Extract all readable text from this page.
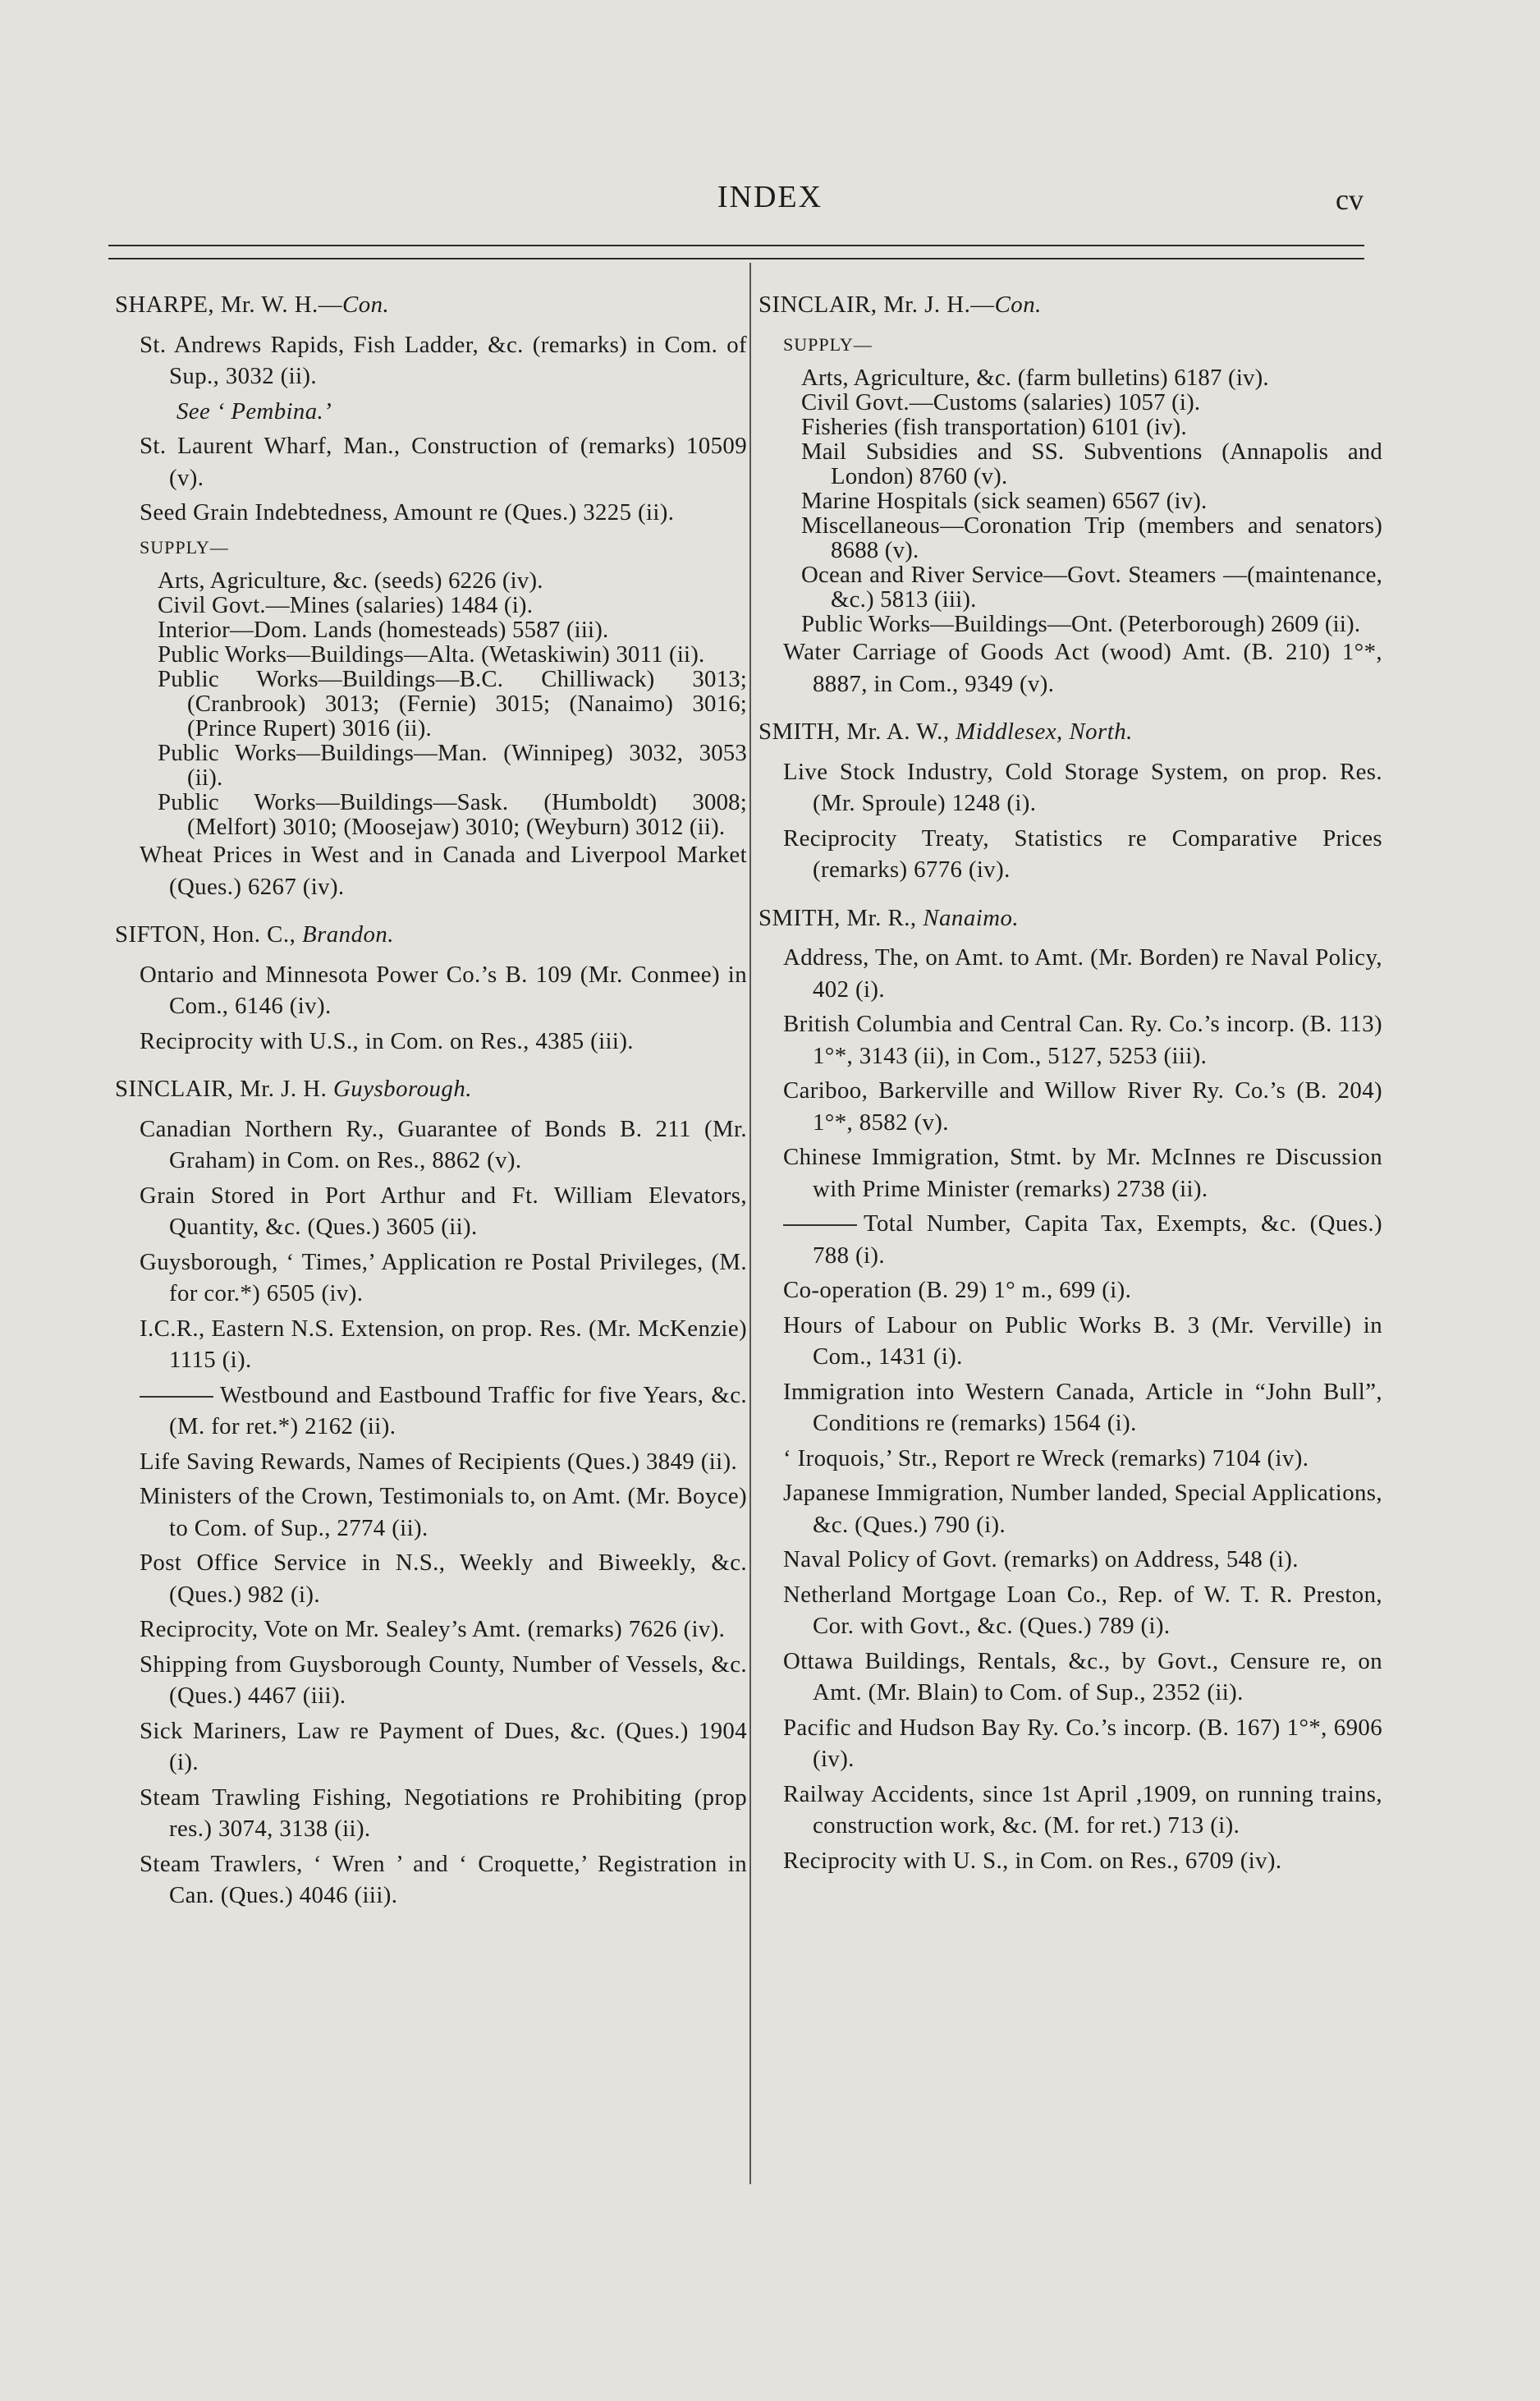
INDEX	cv
SHARPE, Mr. W. H.—Con.
St. Andrews Rapids, Fish Ladder, &c. (remarks) in Com. of Sup., 3032 (ii).
See ‘ Pembina.’
St. Laurent Wharf, Man., Construction of (remarks) 10509 (v).
Seed Grain Indebtedness, Amount re (Ques.) 3225 (ii).
SUPPLY—
Arts, Agriculture, &c. (seeds) 6226 (iv).
Civil Govt.—Mines (salaries) 1484 (i).
Interior—Dom. Lands (homesteads) 5587 (iii).
Public Works—Buildings—Alta. (Wetaskiwin) 3011 (ii).
Public Works—Buildings—B.C. Chilliwack) 3013; (Cranbrook) 3013; (Fernie) 3015; (Nanaimo) 3016; (Prince Rupert) 3016 (ii).
Public Works—Buildings—Man. (Winnipeg) 3032, 3053 (ii).
Public Works—Buildings—Sask. (Humboldt) 3008; (Melfort) 3010; (Moosejaw) 3010; (Weyburn) 3012 (ii).
Wheat Prices in West and in Canada and Liverpool Market (Ques.) 6267 (iv).
SIFTON, Hon. C., Brandon.
Ontario and Minnesota Power Co.’s B. 109 (Mr. Conmee) in Com., 6146 (iv).
Reciprocity with U.S., in Com. on Res., 4385 (iii).
SINCLAIR, Mr. J. H. Guysborough.
Canadian Northern Ry., Guarantee of Bonds B. 211 (Mr. Graham) in Com. on Res., 8862 (v).
Grain Stored in Port Arthur and Ft. William Elevators, Quantity, &c. (Ques.) 3605 (ii).
Guysborough, ‘ Times,’ Application re Postal Privileges, (M. for cor.*) 6505 (iv).
I.C.R., Eastern N.S. Extension, on prop. Res. (Mr. McKenzie) 1115 (i).
Westbound and Eastbound Traffic for five Years, &c. (M. for ret.*) 2162 (ii).
Life Saving Rewards, Names of Recipients (Ques.) 3849 (ii).
Ministers of the Crown, Testimonials to, on Amt. (Mr. Boyce) to Com. of Sup., 2774 (ii).
Post Office Service in N.S., Weekly and Biweekly, &c. (Ques.) 982 (i).
Reciprocity, Vote on Mr. Sealey’s Amt. (remarks) 7626 (iv).
Shipping from Guysborough County, Number of Vessels, &c. (Ques.) 4467 (iii).
Sick Mariners, Law re Payment of Dues, &c. (Ques.) 1904 (i).
Steam Trawling Fishing, Negotiations re Prohibiting (prop res.) 3074, 3138 (ii).
Steam Trawlers, ‘ Wren ’ and ‘ Croquette,’ Registration in Can. (Ques.) 4046 (iii).
SINCLAIR, Mr. J. H.—Con.
SUPPLY—
Arts, Agriculture, &c. (farm bulletins) 6187 (iv).
Civil Govt.—Customs (salaries) 1057 (i).
Fisheries (fish transportation) 6101 (iv).
Mail Subsidies and SS. Subventions (Annapolis and London) 8760 (v).
Marine Hospitals (sick seamen) 6567 (iv).
Miscellaneous—Coronation Trip (members and senators) 8688 (v).
Ocean and River Service—Govt. Steamers —(maintenance, &c.) 5813 (iii).
Public Works—Buildings—Ont. (Peterborough) 2609 (ii).
Water Carriage of Goods Act (wood) Amt. (B. 210) 1°*, 8887, in Com., 9349 (v).
SMITH, Mr. A. W., Middlesex, North.
Live Stock Industry, Cold Storage System, on prop. Res. (Mr. Sproule) 1248 (i).
Reciprocity Treaty, Statistics re Comparative Prices (remarks) 6776 (iv).
SMITH, Mr. R., Nanaimo.
Address, The, on Amt. to Amt. (Mr. Borden) re Naval Policy, 402 (i).
British Columbia and Central Can. Ry. Co.’s incorp. (B. 113) 1°*, 3143 (ii), in Com., 5127, 5253 (iii).
Cariboo, Barkerville and Willow River Ry. Co.’s (B. 204) 1°*, 8582 (v).
Chinese Immigration, Stmt. by Mr. McInnes re Discussion with Prime Minister (remarks) 2738 (ii).
Total Number, Capita Tax, Exempts, &c. (Ques.) 788 (i).
Co-operation (B. 29) 1° m., 699 (i).
Hours of Labour on Public Works B. 3 (Mr. Verville) in Com., 1431 (i).
Immigration into Western Canada, Article in “John Bull”, Conditions re (remarks) 1564 (i).
‘ Iroquois,’ Str., Report re Wreck (remarks) 7104 (iv).
Japanese Immigration, Number landed, Special Applications, &c. (Ques.) 790 (i).
Naval Policy of Govt. (remarks) on Address, 548 (i).
Netherland Mortgage Loan Co., Rep. of W. T. R. Preston, Cor. with Govt., &c. (Ques.) 789 (i).
Ottawa Buildings, Rentals, &c., by Govt., Censure re, on Amt. (Mr. Blain) to Com. of Sup., 2352 (ii).
Pacific and Hudson Bay Ry. Co.’s incorp. (B. 167) 1°*, 6906 (iv).
Railway Accidents, since 1st April ,1909, on running trains, construction work, &c. (M. for ret.) 713 (i).
Reciprocity with U. S., in Com. on Res., 6709 (iv).
